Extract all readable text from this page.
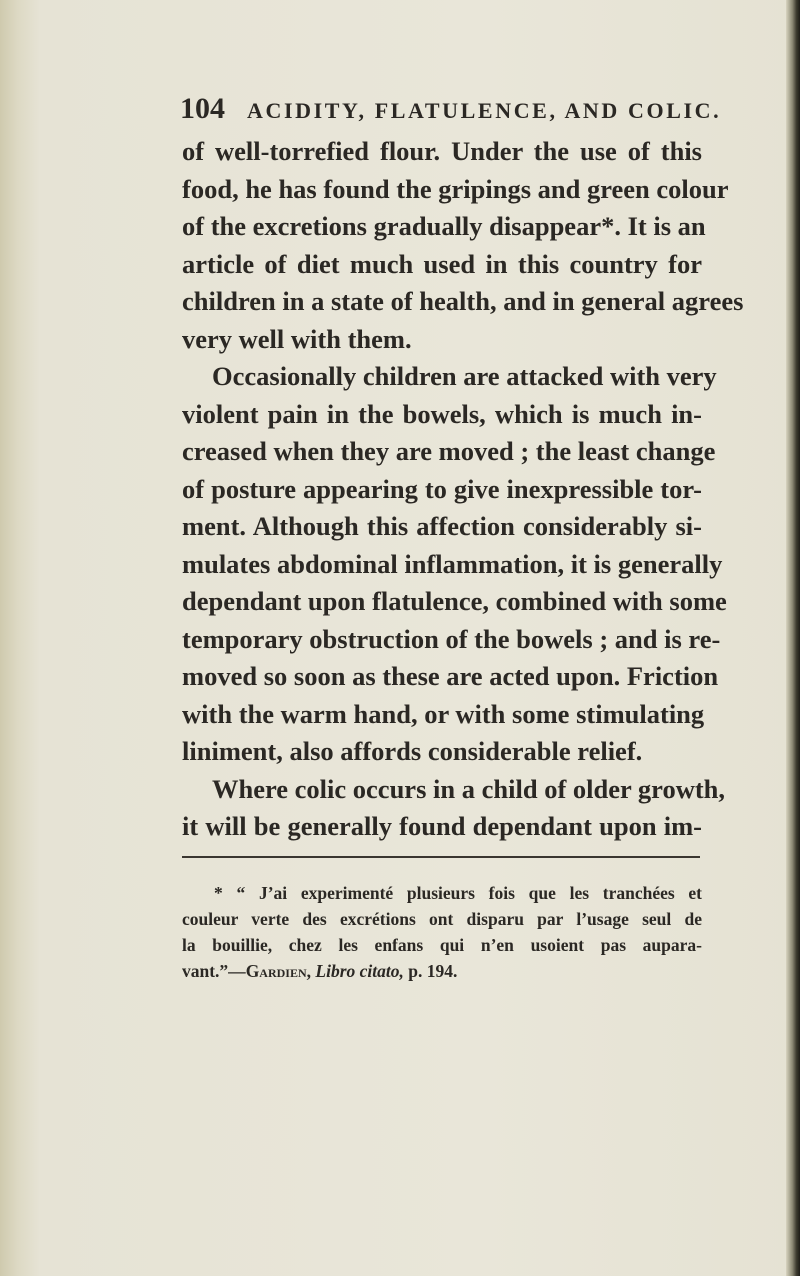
104 ACIDITY, FLATULENCE, AND COLIC.
of well-torrefied flour. Under the use of this
food, he has found the gripings and green colour
of the excretions gradually disappear*. It is an
article of diet much used in this country for
children in a state of health, and in general agrees
very well with them.
Occasionally children are attacked with very
violent pain in the bowels, which is much in-
creased when they are moved ; the least change
of posture appearing to give inexpressible tor-
ment. Although this affection considerably si-
mulates abdominal inflammation, it is generally
dependant upon flatulence, combined with some
temporary obstruction of the bowels ; and is re-
moved so soon as these are acted upon. Friction
with the warm hand, or with some stimulating
liniment, also affords considerable relief.
Where colic occurs in a child of older growth,
it will be generally found dependant upon im-
* “ J’ai experimenté plusieurs fois que les tranchées et
couleur verte des excrétions ont disparu par l’usage seul de
la bouillie, chez les enfans qui n’en usoient pas aupara-
vant.”—Gardien, Libro citato, p. 194.
